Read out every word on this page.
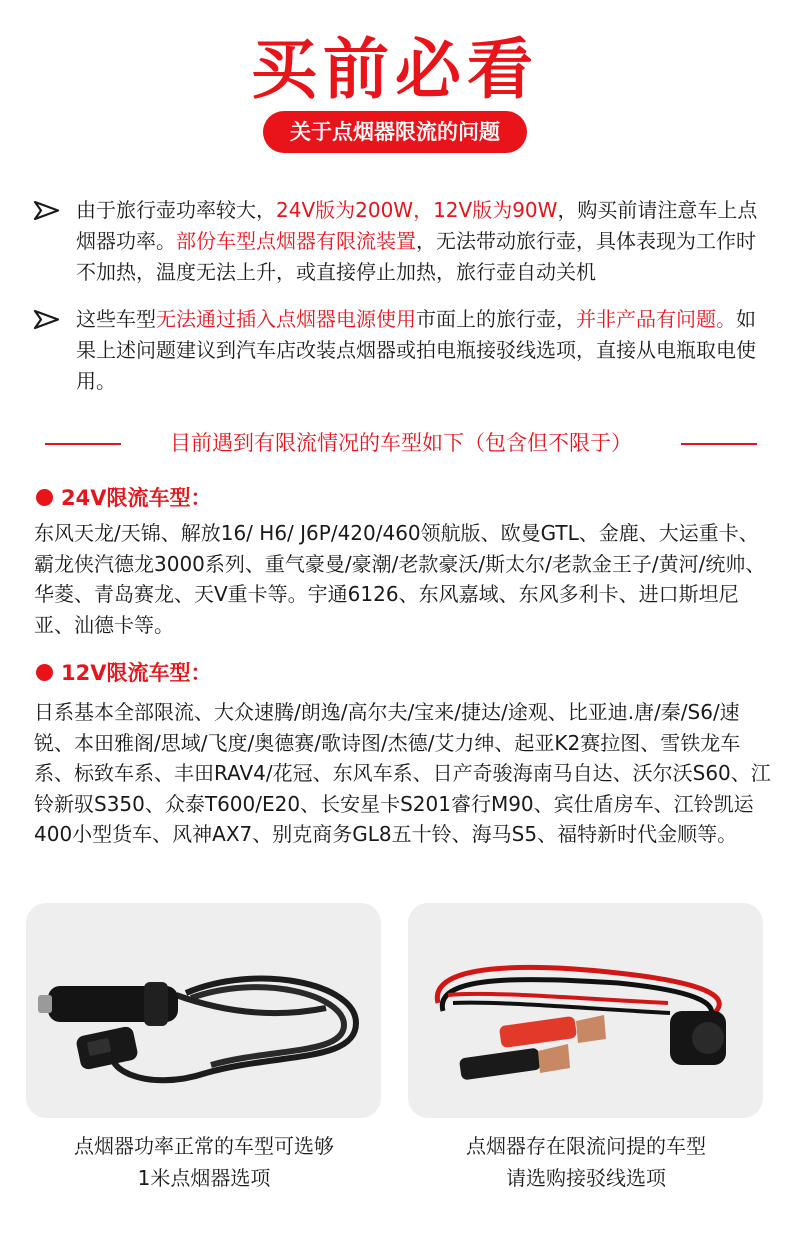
买前必看
关于点烟器限流的问题
由于旅行壶功率较大，24V版为200W，12V版为90W，购买前请注意车上点烟器功率。部份车型点烟器有限流装置，无法带动旅行壶，具体表现为工作时不加热，温度无法上升，或直接停止加热，旅行壶自动关机
这些车型无法通过插入点烟器电源使用市面上的旅行壶，并非产品有问题。如果上述问题建议到汽车店改装点烟器或拍电瓶接驳线选项，直接从电瓶取电使用。
目前遇到有限流情况的车型如下（包含但不限于）
24V限流车型：
东风天龙/天锦、解放16/ H6/ J6P/420/460领航版、欧曼GTL、金鹿、大运重卡、霸龙侠汽德龙3000系列、重气豪曼/豪潮/老款豪沃/斯太尔/老款金王子/黄河/统帅、华菱、青岛赛龙、天V重卡等。宇通6126、东风嘉域、东风多利卡、进口斯坦尼亚、汕德卡等。
12V限流车型：
日系基本全部限流、大众速腾/朗逸/高尔夫/宝来/捷达/途观、比亚迪.唐/秦/S6/速锐、本田雅阁/思域/飞度/奥德赛/歌诗图/杰德/艾力绅、起亚K2赛拉图、雪铁龙车系、标致车系、丰田RAV4/花冠、东风车系、日产奇骏海南马自达、沃尔沃S60、江铃新驭S350、众泰T600/E20、长安星卡S201睿行M90、宾仕盾房车、江铃凯运400小型货车、风神AX7、别克商务GL8五十铃、海马S5、福特新时代金顺等。
点烟器功率正常的车型可选够
1米点烟器选项
点烟器存在限流问提的车型
请选购接驳线选项
